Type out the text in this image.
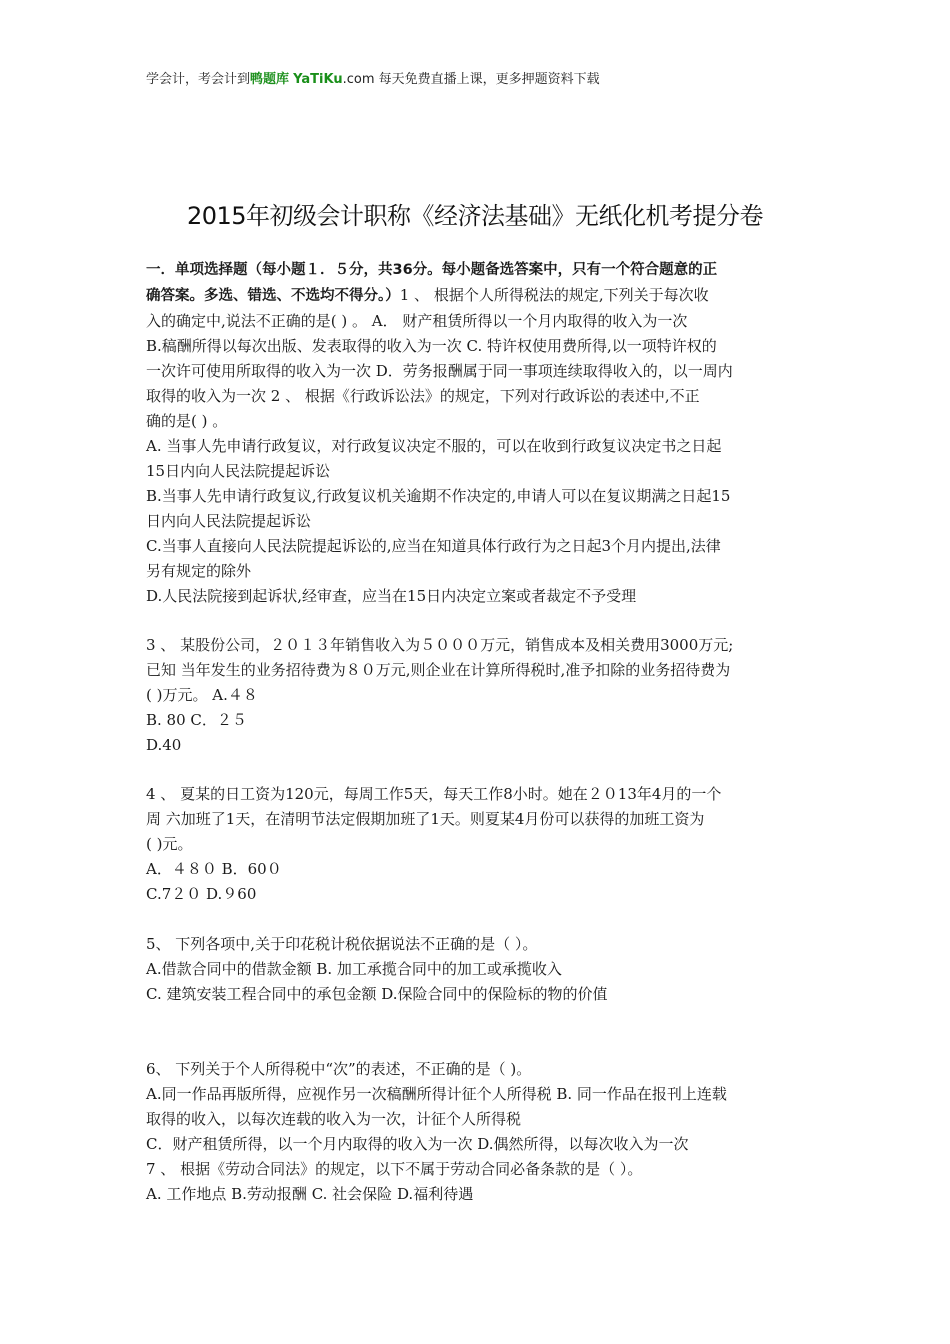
学会计，考会计到鸭题库 YaTiKu.com 每天免费直播上课，更多押题资料下载
2015年初级会计职称《经济法基础》无纸化机考提分卷
一．单项选择题（每小题１．５分，共36分。每小题备选答案中，只有一个符合题意的正
确答案。多选、错选、不选均不得分。）1 、 根据个人所得税法的规定,下列关于每次收
入的确定中,说法不正确的是( ) 。 A． 财产租赁所得以一个月内取得的收入为一次
B.稿酬所得以每次出版、发表取得的收入为一次 C. 特许权使用费所得,以一项特许权的
一次许可使用所取得的收入为一次 D．劳务报酬属于同一事项连续取得收入的，以一周内
取得的收入为一次 2 、 根据《行政诉讼法》的规定，下列对行政诉讼的表述中,不正
确的是( ) 。
A. 当事人先申请行政复议，对行政复议决定不服的，可以在收到行政复议决定书之日起
15日内向人民法院提起诉讼
B.当事人先申请行政复议,行政复议机关逾期不作决定的,申请人可以在复议期满之日起15
日内向人民法院提起诉讼
C.当事人直接向人民法院提起诉讼的,应当在知道具体行政行为之日起3个月内提出,法律
另有规定的除外
D.人民法院接到起诉状,经审查，应当在15日内决定立案或者裁定不予受理
3 、 某股份公司，２０１３年销售收入为５０００万元，销售成本及相关费用3000万元;
已知 当年发生的业务招待费为８０万元,则企业在计算所得税时,准予扣除的业务招待费为
( )万元。 A.４８
B. 80 C．２５
D.40
4 、 夏某的日工资为120元，每周工作5天，每天工作8小时。她在２０13年4月的一个
周 六加班了1天，在清明节法定假期加班了1天。则夏某4月份可以获得的加班工资为
( )元。
A．４８０ B．60０
C.7２０ D.９60

5、 下列各项中,关于印花税计税依据说法不正确的是（ ）。
A.借款合同中的借款金额 B. 加工承揽合同中的加工或承揽收入
C. 建筑安装工程合同中的承包金额 D.保险合同中的保险标的物的价值
6、 下列关于个人所得税中“次”的表述，不正确的是（ )。
A.同一作品再版所得，应视作另一次稿酬所得计征个人所得税 B. 同一作品在报刊上连载
取得的收入，以每次连载的收入为一次，计征个人所得税
C．财产租赁所得，以一个月内取得的收入为一次 D.偶然所得，以每次收入为一次
7 、 根据《劳动合同法》的规定，以下不属于劳动合同必备条款的是（ ）。
A. 工作地点 B.劳动报酬 C. 社会保险 D.福利待遇
